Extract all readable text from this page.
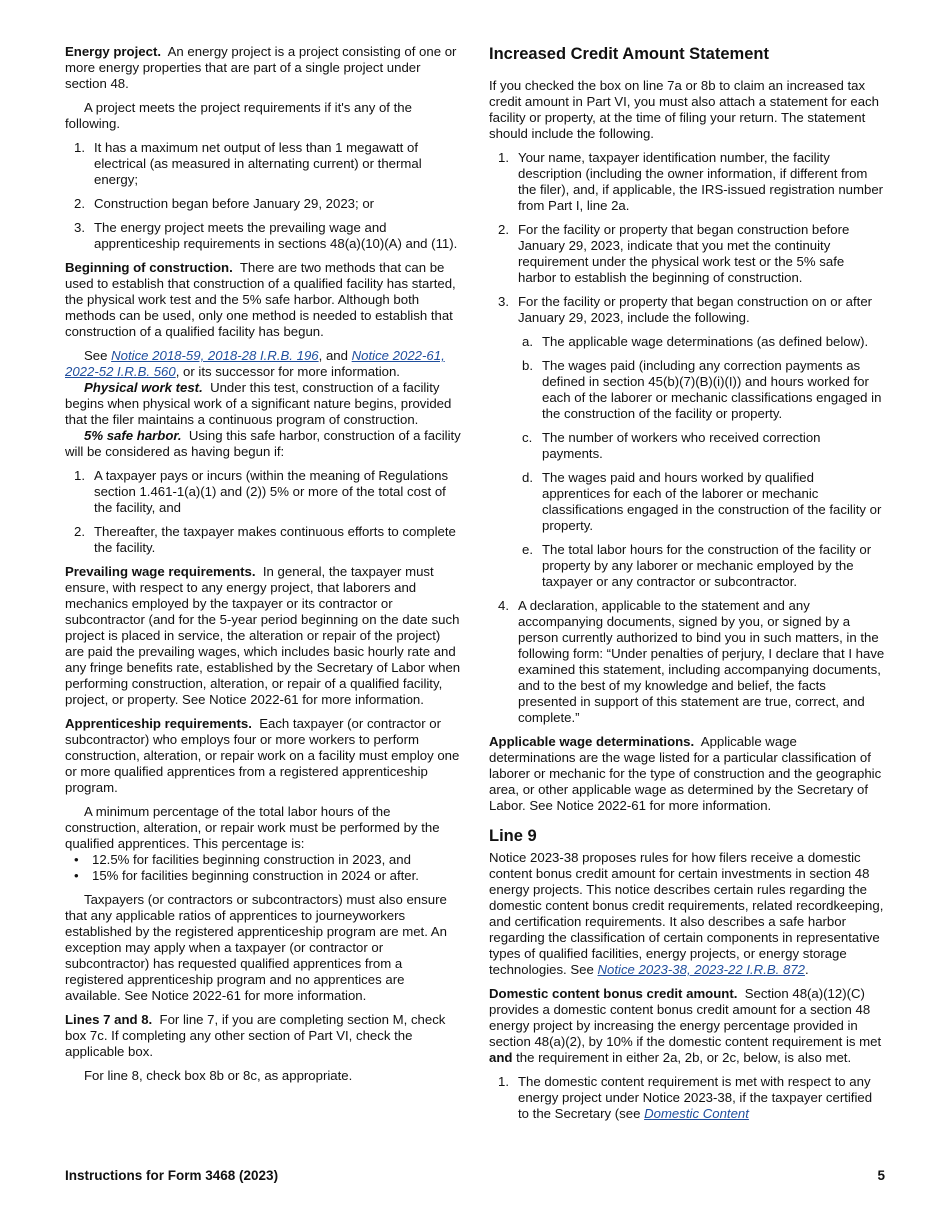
Energy project. An energy project is a project consisting of one or more energy properties that are part of a single project under section 48.

A project meets the project requirements if it's any of the following.

1. It has a maximum net output of less than 1 megawatt of electrical (as measured in alternating current) or thermal energy;
2. Construction began before January 29, 2023; or
3. The energy project meets the prevailing wage and apprenticeship requirements in sections 48(a)(10)(A) and (11).

Beginning of construction. There are two methods that can be used to establish that construction of a qualified facility has started, the physical work test and the 5% safe harbor. Although both methods can be used, only one method is needed to establish that construction of a qualified facility has begun.

See Notice 2018-59, 2018-28 I.R.B. 196, and Notice 2022-61, 2022-52 I.R.B. 560, or its successor for more information.

Physical work test. Under this test, construction of a facility begins when physical work of a significant nature begins, provided that the filer maintains a continuous program of construction.

5% safe harbor. Using this safe harbor, construction of a facility will be considered as having begun if:

1. A taxpayer pays or incurs (within the meaning of Regulations section 1.461-1(a)(1) and (2)) 5% or more of the total cost of the facility, and
2. Thereafter, the taxpayer makes continuous efforts to complete the facility.

Prevailing wage requirements. In general, the taxpayer must ensure, with respect to any energy project, that laborers and mechanics employed by the taxpayer or its contractor or subcontractor (and for the 5-year period beginning on the date such project is placed in service, the alteration or repair of the project) are paid the prevailing wages, which includes basic hourly rate and any fringe benefits rate, established by the Secretary of Labor when performing construction, alteration, or repair of a qualified facility, project, or property. See Notice 2022-61 for more information.

Apprenticeship requirements. Each taxpayer (or contractor or subcontractor) who employs four or more workers to perform construction, alteration, or repair work on a facility must employ one or more qualified apprentices from a registered apprenticeship program.

A minimum percentage of the total labor hours of the construction, alteration, or repair work must be performed by the qualified apprentices. This percentage is:

• 12.5% for facilities beginning construction in 2023, and
• 15% for facilities beginning construction in 2024 or after.

Taxpayers (or contractors or subcontractors) must also ensure that any applicable ratios of apprentices to journeyworkers established by the registered apprenticeship program are met. An exception may apply when a taxpayer (or contractor or subcontractor) has requested qualified apprentices from a registered apprenticeship program and no apprentices are available. See Notice 2022-61 for more information.

Lines 7 and 8. For line 7, if you are completing section M, check box 7c. If completing any other section of Part VI, check the applicable box.

For line 8, check box 8b or 8c, as appropriate.

Increased Credit Amount Statement

If you checked the box on line 7a or 8b to claim an increased tax credit amount in Part VI, you must also attach a statement for each facility or property, at the time of filing your return. The statement should include the following.

1. Your name, taxpayer identification number, the facility description (including the owner information, if different from the filer), and, if applicable, the IRS-issued registration number from Part I, line 2a.
2. For the facility or property that began construction before January 29, 2023, indicate that you met the continuity requirement under the physical work test or the 5% safe harbor to establish the beginning of construction.
3. For the facility or property that began construction on or after January 29, 2023, include the following.
a. The applicable wage determinations (as defined below).
b. The wages paid (including any correction payments as defined in section 45(b)(7)(B)(i)(I)) and hours worked for each of the laborer or mechanic classifications engaged in the construction of the facility or property.
c. The number of workers who received correction payments.
d. The wages paid and hours worked by qualified apprentices for each of the laborer or mechanic classifications engaged in the construction of the facility or property.
e. The total labor hours for the construction of the facility or property by any laborer or mechanic employed by the taxpayer or any contractor or subcontractor.
4. A declaration, applicable to the statement and any accompanying documents, signed by you, or signed by a person currently authorized to bind you in such matters, in the following form: “Under penalties of perjury, I declare that I have examined this statement, including accompanying documents, and to the best of my knowledge and belief, the facts presented in support of this statement are true, correct, and complete.”

Applicable wage determinations. Applicable wage determinations are the wage listed for a particular classification of laborer or mechanic for the type of construction and the geographic area, or other applicable wage as determined by the Secretary of Labor. See Notice 2022-61 for more information.

Line 9

Notice 2023-38 proposes rules for how filers receive a domestic content bonus credit amount for certain investments in section 48 energy projects. This notice describes certain rules regarding the domestic content bonus credit requirements, related recordkeeping, and certification requirements. It also describes a safe harbor regarding the classification of certain components in representative types of qualified facilities, energy projects, or energy storage technologies. See Notice 2023-38, 2023-22 I.R.B. 872.

Domestic content bonus credit amount. Section 48(a)(12)(C) provides a domestic content bonus credit amount for a section 48 energy project by increasing the energy percentage provided in section 48(a)(2), by 10% if the domestic content requirement is met and the requirement in either 2a, 2b, or 2c, below, is also met.

1. The domestic content requirement is met with respect to any energy project under Notice 2023-38, if the taxpayer certified to the Secretary (see Domestic Content
Instructions for Form 3468 (2023)	5
